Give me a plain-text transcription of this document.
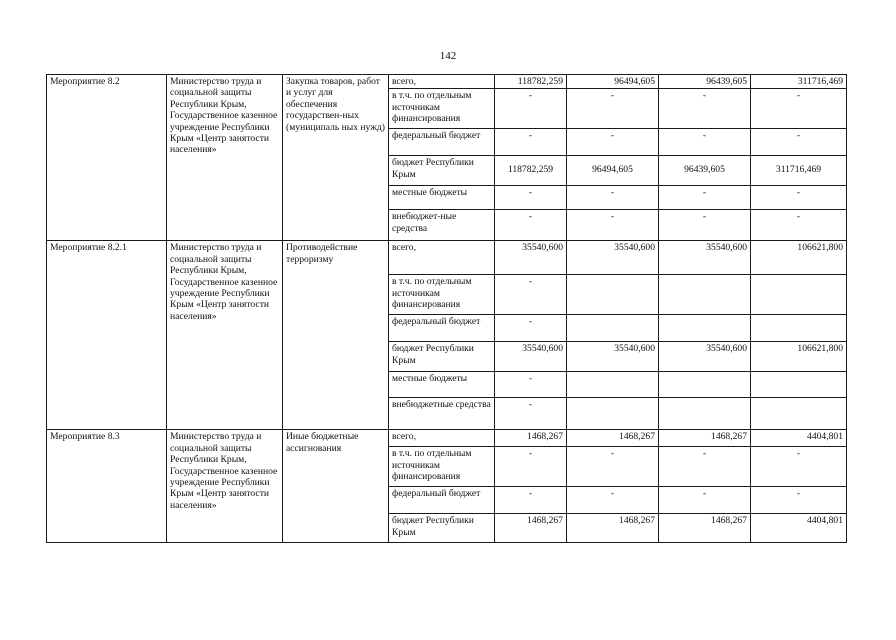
142
Мероприятие 8.2	Министерство труда и социальной защиты Республики Крым, Государственное казенное учреждение Республики Крым «Центр занятости населения»	Закупка товаров, работ и услуг для обеспечения государствен-ных (муниципаль ных нужд)	всего,	118782,259	96494,605	96439,605	311716,469
			в т.ч. по отдельным источникам финансирования	-	-	-	-
			федеральный бюджет	-	-	-	-
			бюджет Республики Крым	118782,259	96494,605	96439,605	311716,469
			местные бюджеты	-	-	-	-
			внебюджет-ные средства	-	-	-	-
Мероприятие 8.2.1	Министерство труда и социальной защиты Республики Крым, Государственное казенное учреждение Республики Крым «Центр занятости населения»	Противодействие терроризму	всего,	35540,600	35540,600	35540,600	106621,800
			в т.ч. по отдельным источникам финансирования	-			
			федеральный бюджет	-			
			бюджет Республики Крым	35540,600	35540,600	35540,600	106621,800
			местные бюджеты	-			
			внебюджетные средства	-			
Мероприятие 8.3	Министерство труда и социальной защиты Республики Крым, Государственное казенное учреждение Республики Крым «Центр занятости населения»	Иные бюджетные ассигнования	всего,	1468,267	1468,267	1468,267	4404,801
			в т.ч. по отдельным источникам финансирования	-	-	-	-
			федеральный бюджет	-	-	-	-
			бюджет Республики Крым	1468,267	1468,267	1468,267	4404,801
